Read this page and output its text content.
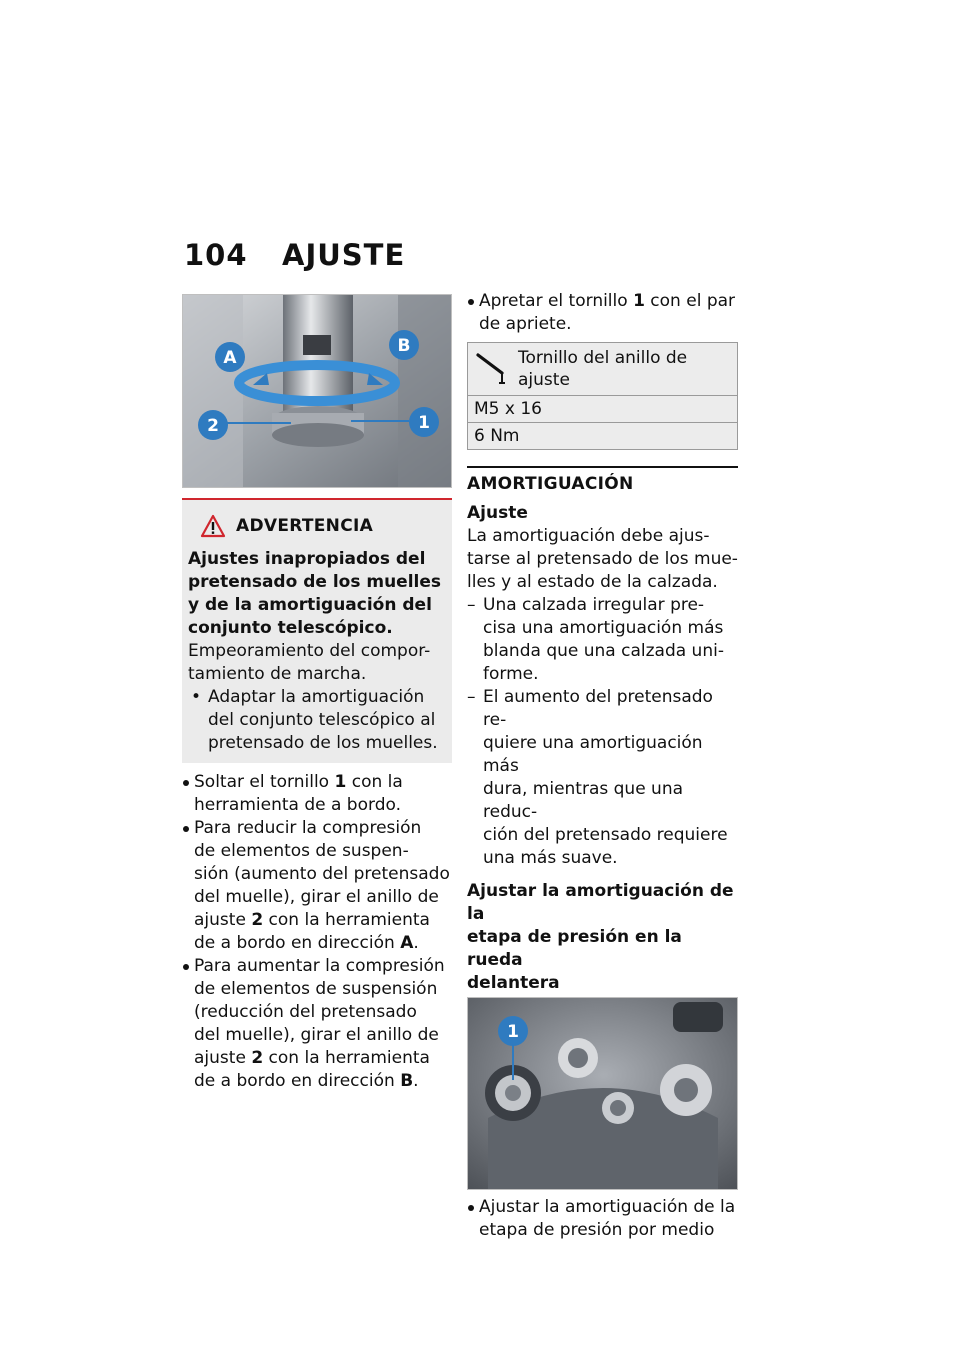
104	AJUSTE
A
B
2	1
ADVERTENCIA
Ajustes inapropiados del
pretensado de los muelles
y de la amortiguación del
conjunto telescópico.
Empeoramiento del compor-
tamiento de marcha.
• Adaptar la amortiguación
del conjunto telescópico al
pretensado de los muelles.
Soltar el tornillo 1 con la
herramienta de a bordo.
Para reducir la compresión
de elementos de suspen-
sión (aumento del pretensado
del muelle), girar el anillo de
ajuste 2 con la herramienta
de a bordo en dirección A.
Para aumentar la compresión
de elementos de suspensión
(reducción del pretensado
del muelle), girar el anillo de
ajuste 2 con la herramienta
de a bordo en dirección B.
Apretar el tornillo 1 con el par
de apriete.
Tornillo del anillo de
ajuste

M5 x 16
6 Nm
AMORTIGUACIÓN
Ajuste
La amortiguación debe ajus-
tarse al pretensado de los mue-
lles y al estado de la calzada.
– Una calzada irregular pre-
cisa una amortiguación más
blanda que una calzada uni-
forme.
– El aumento del pretensado re-
quiere una amortiguación más
dura, mientras que una reduc-
ción del pretensado requiere
una más suave.
Ajustar la amortiguación de la
etapa de presión en la rueda
delantera
1
Ajustar la amortiguación de la
etapa de presión por medio
